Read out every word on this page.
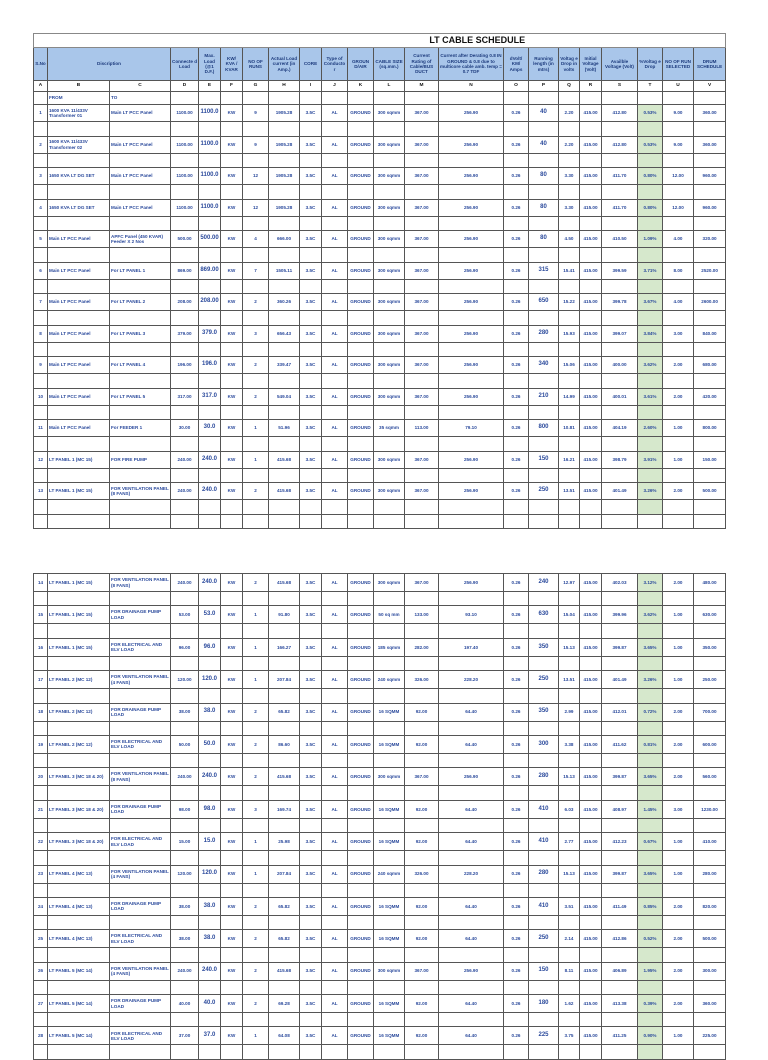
LT CABLE SCHEDULE																					
S.No	Discription		Connecte d Load	Max. Load (@1 D.F.)	KW/ KVA / KVAR	NO OF RUNS	Actual Load current (in Amp.)	CORE	Type of Conducto r	GROUN D/AIR	CABLE SIZE (sq.mm.)	Current Rating of Cable/BUS DUCT	Current after Derating 0.8 IN GROUND & 0.8 due to multicore cable amb. temp = 0.7 TDF	dVolt/ KM/ Amps	Running length (in mtrs)	Voltag e Drop in volts	Initial Voltage (Volt)	Availble Voltage (Volt)	%Voltag e Drop	NO OF RUN SELECTED	DRUM SCHEDULE
A	B	C	D	E	F	G	H	I	J	K	L	M	N	O	P	Q	R	S	T	U	V
	FROM	TO																			
1	1600 KVA 11/433V Transformer 01	Main LT PCC Panel	1100.00	1100.0	KW	9	1905.28	3.5C	AL	GROUND	300 sqmm	367.00	256.90	0.26	40	2.20	415.00	412.80	0.53%	9.00	360.00

2	1600 KVA 11/433V Transformer 02	Main LT PCC Panel	1100.00	1100.0	KW	9	1905.28	3.5C	AL	GROUND	300 sqmm	367.00	256.90	0.26	40	2.20	415.00	412.80	0.53%	9.00	360.00

3	1650 KVA LT DG SET	Main LT PCC Panel	1100.00	1100.0	KW	12	1905.28	3.5C	AL	GROUND	300 sqmm	367.00	256.90	0.26	80	3.30	415.00	411.70	0.80%	12.00	960.00

4	1650 KVA LT DG SET	Main LT PCC Panel	1100.00	1100.0	KW	12	1905.28	3.5C	AL	GROUND	300 sqmm	367.00	256.90	0.26	80	3.30	415.00	411.70	0.80%	12.00	960.00

5	Main LT PCC Panel	APFC Panel (450 KVAR) Feeder X 2 Nos	500.00	500.00	KW	4	666.00	3.5C	AL	GROUND	300 sqmm	367.00	256.90	0.26	80	4.50	415.00	410.50	1.09%	4.00	320.00

6	Main LT PCC Panel	For LT PANEL 1	869.00	869.00	KW	7	1505.11	3.5C	AL	GROUND	300 sqmm	367.00	256.90	0.26	315	15.41	415.00	399.59	3.71%	8.00	2520.00

7	Main LT PCC Panel	For LT PANEL 2	208.00	208.00	KW	2	360.26	3.5C	AL	GROUND	300 sqmm	367.00	256.90	0.26	650	15.22	415.00	399.78	3.67%	4.00	2600.00

8	Main LT PCC Panel	For LT PANEL 3	379.00	379.0	KW	3	656.43	3.5C	AL	GROUND	300 sqmm	367.00	256.90	0.26	280	15.93	415.00	399.07	3.84%	3.00	840.00

9	Main LT PCC Panel	For LT PANEL 4	196.00	196.0	KW	2	339.47	3.5C	AL	GROUND	300 sqmm	367.00	256.90	0.26	340	15.06	415.00	400.00	3.62%	2.00	680.00

10	Main LT PCC Panel	For LT PANEL 5	317.00	317.0	KW	2	549.04	3.5C	AL	GROUND	300 sqmm	367.00	256.90	0.26	210	14.99	415.00	400.01	3.61%	2.00	420.00

11	Main LT PCC Panel	For FEEDER 1	30.00	30.0	KW	1	51.96	3.5C	AL	GROUND	35 sqmm	113.00	79.10	0.26	800	10.81	415.00	404.19	2.60%	1.00	800.00

12	LT PANEL 1 (MC 15)	FOR FIRE PUMP	240.00	240.0	KW	1	415.68	3.5C	AL	GROUND	300 sqmm	367.00	256.90	0.26	150	16.21	415.00	398.79	3.91%	1.00	150.00

13	LT PANEL 1 (MC 15)	FOR VENTILATION PANEL (8 FANS)	240.00	240.0	KW	2	415.68	3.5C	AL	GROUND	300 sqmm	367.00	256.90	0.26	250	13.51	415.00	401.49	3.26%	2.00	500.00

14	LT PANEL 1 (MC 15)	FOR VENTILATION PANEL (8 FANS)	240.00	240.0	KW	2	415.68	3.5C	AL	GROUND	300 sqmm	367.00	256.90	0.26	240	12.97	415.00	402.03	3.12%	2.00	480.00

15	LT PANEL 1 (MC 15)	FOR DRAINAGE PUMP LOAD	53.00	53.0	KW	1	91.80	3.5C	AL	GROUND	50 sq mm	133.00	93.10	0.26	630	15.04	415.00	399.96	3.62%	1.00	630.00

16	LT PANEL 1 (MC 15)	FOR ELECTRICAL AND ELV LOAD	96.00	96.0	KW	1	166.27	3.5C	AL	GROUND	185 sqmm	282.00	197.40	0.26	350	15.13	415.00	399.87	3.65%	1.00	350.00

17	LT PANEL 2 (MC 12)	FOR VENTILATION PANEL (4 FANS)	120.00	120.0	KW	1	207.84	3.5C	AL	GROUND	240 sqmm	326.00	228.20	0.26	250	13.51	415.00	401.49	3.26%	1.00	250.00

18	LT PANEL 2 (MC 12)	FOR DRAINAGE PUMP LOAD	38.00	38.0	KW	2	65.82	3.5C	AL	GROUND	16 SQMM	92.00	64.40	0.26	350	2.99	415.00	412.01	0.72%	2.00	700.00

19	LT PANEL 2 (MC 12)	FOR ELECTRICAL AND ELV LOAD	50.00	50.0	KW	2	86.60	3.5C	AL	GROUND	16 SQMM	92.00	64.40	0.26	300	3.38	415.00	411.62	0.81%	2.00	600.00

20	LT PANEL 3 (MC 18 & 20)	FOR VENTILATION PANEL (8 FANS)	240.00	240.0	KW	2	415.68	3.5C	AL	GROUND	300 sqmm	367.00	256.90	0.26	280	15.13	415.00	399.87	3.65%	2.00	560.00

21	LT PANEL 3 (MC 18 & 20)	FOR DRAINAGE PUMP LOAD	98.00	98.0	KW	3	169.74	3.5C	AL	GROUND	16 SQMM	92.00	64.40	0.26	410	6.03	415.00	408.97	1.45%	3.00	1230.00

22	LT PANEL 3 (MC 18 & 20)	FOR ELECTRICAL AND ELV LOAD	15.00	15.0	KW	1	25.98	3.5C	AL	GROUND	16 SQMM	92.00	64.40	0.26	410	2.77	415.00	412.23	0.67%	1.00	410.00

23	LT PANEL 4 (MC 13)	FOR VENTILATION PANEL (4 FANS)	120.00	120.0	KW	1	207.84	3.5C	AL	GROUND	240 sqmm	326.00	228.20	0.26	280	15.13	415.00	399.87	3.65%	1.00	280.00

24	LT PANEL 4 (MC 13)	FOR DRAINAGE PUMP LOAD	38.00	38.0	KW	2	65.82	3.5C	AL	GROUND	16 SQMM	92.00	64.40	0.26	410	3.51	415.00	411.49	0.85%	2.00	820.00

25	LT PANEL 4 (MC 13)	FOR ELECTRICAL AND ELV LOAD	38.00	38.0	KW	2	65.82	3.5C	AL	GROUND	16 SQMM	92.00	64.40	0.26	250	2.14	415.00	412.86	0.52%	2.00	500.00

26	LT PANEL 5 (MC 14)	FOR VENTILATION PANEL (4 FANS)	240.00	240.0	KW	2	415.68	3.5C	AL	GROUND	300 sqmm	367.00	256.90	0.26	150	8.11	415.00	406.89	1.95%	2.00	300.00

27	LT PANEL 5 (MC 14)	FOR DRAINAGE PUMP LOAD	40.00	40.0	KW	2	69.28	3.5C	AL	GROUND	16 SQMM	92.00	64.40	0.26	180	1.62	415.00	413.38	0.39%	2.00	360.00

28	LT PANEL 5 (MC 14)	FOR ELECTRICAL AND ELV LOAD	37.00	37.0	KW	1	64.08	3.5C	AL	GROUND	16 SQMM	92.00	64.40	0.26	225	3.75	415.00	411.25	0.90%	1.00	225.00
